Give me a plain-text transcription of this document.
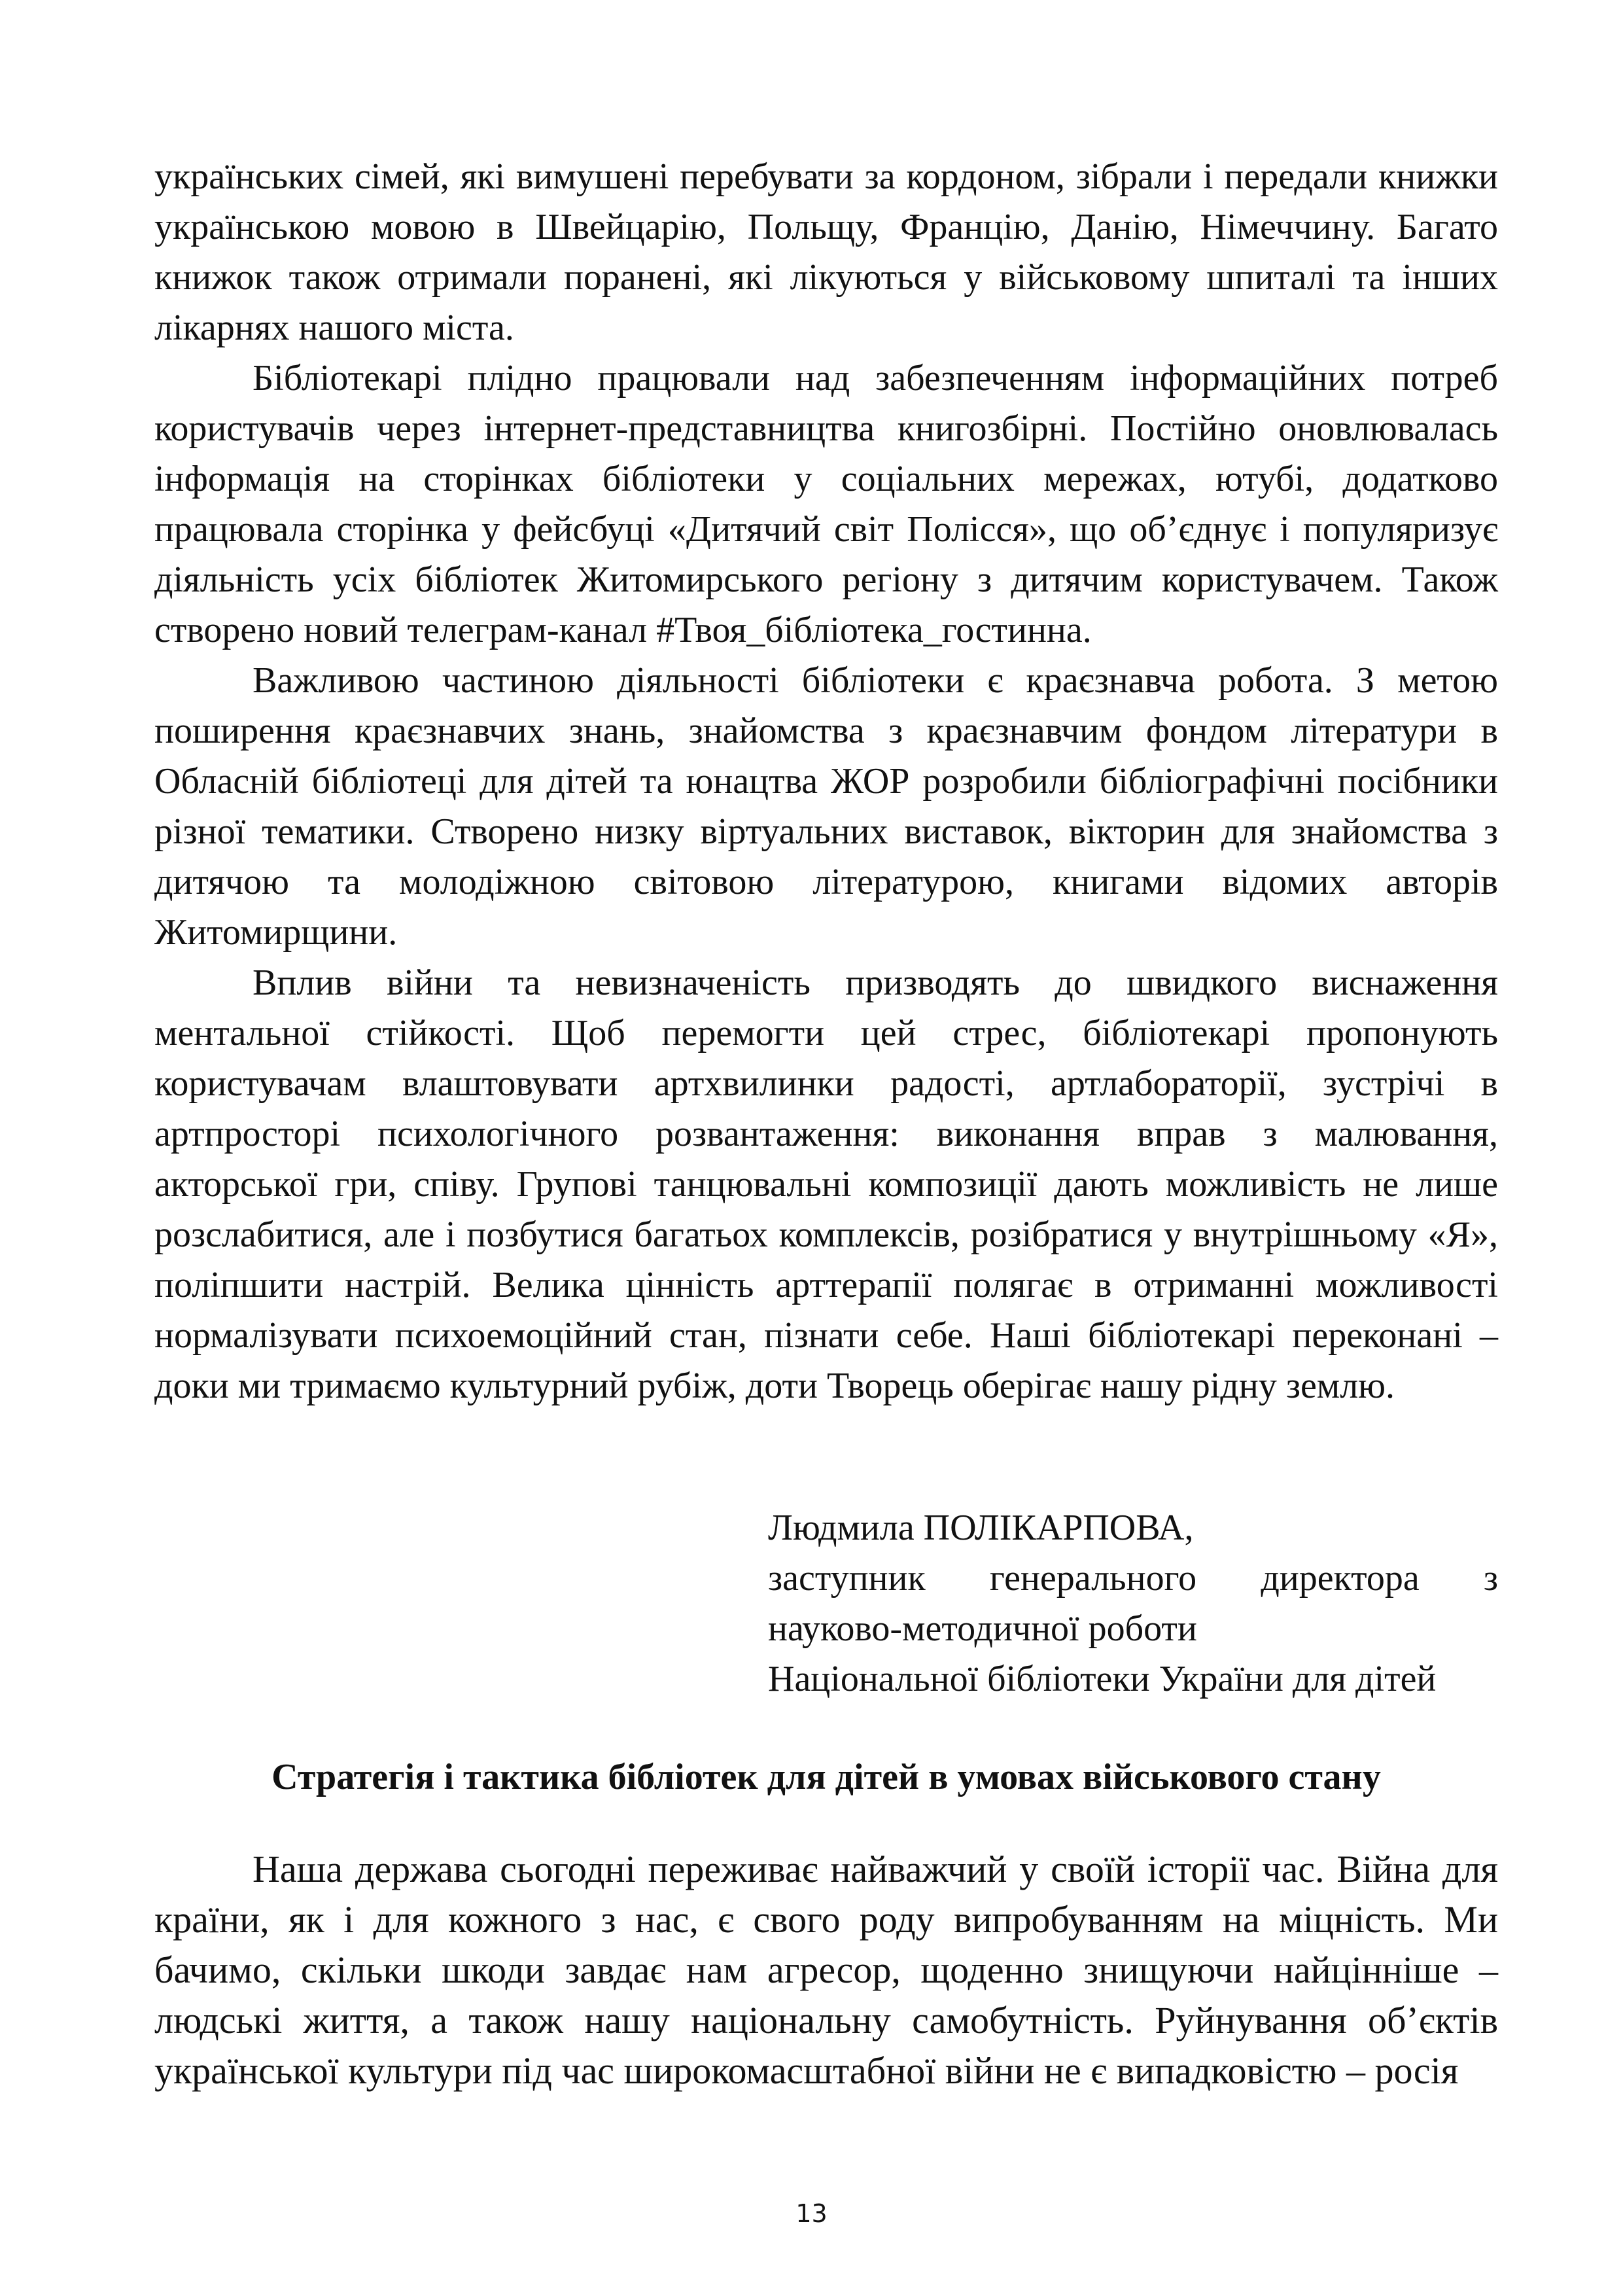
українських сімей, які вимушені перебувати за кордоном, зібрали і передали книжки українською мовою в Швейцарію, Польщу, Францію, Данію, Німеччину. Багато книжок також отримали поранені, які лікуються у військовому шпиталі та інших лікарнях нашого міста.

Бібліотекарі плідно працювали над забезпеченням інформаційних потреб користувачів через інтернет-представництва книгозбірні. Постійно оновлювалась інформація на сторінках бібліотеки у соціальних мережах, ютубі, додатково працювала сторінка у фейсбуці «Дитячий світ Полісся», що об’єднує і популяризує діяльність усіх бібліотек Житомирського регіону з дитячим користувачем. Також створено новий телеграм-канал #Твоя_бібліотека_гостинна.

Важливою частиною діяльності бібліотеки є краєзнавча робота. З метою поширення краєзнавчих знань, знайомства з краєзнавчим фондом літератури в Обласній бібліотеці для дітей та юнацтва ЖОР розробили бібліографічні посібники різної тематики. Створено низку віртуальних виставок, вікторин для знайомства з дитячою та молодіжною світовою літературою, книгами відомих авторів Житомирщини.

Вплив війни та невизначеність призводять до швидкого виснаження ментальної стійкості. Щоб перемогти цей стрес, бібліотекарі пропонують користувачам влаштовувати артхвилинки радості, артлабораторії, зустрічі в артпросторі психологічного розвантаження: виконання вправ з малювання, акторської гри, співу. Групові танцювальні композиції дають можливість не лише розслабитися, але і позбутися багатьох комплексів, розібратися у внутрішньому «Я», поліпшити настрій. Велика цінність арттерапії полягає в отриманні можливості нормалізувати психоемоційний стан, пізнати себе. Наші бібліотекарі переконані – доки ми тримаємо культурний рубіж, доти Творець оберігає нашу рідну землю.

Людмила ПОЛІКАРПОВА,
заступник генерального директора з
науково-методичної роботи
Національної бібліотеки України для дітей
Стратегія і тактика бібліотек для дітей в умовах військового стану

Наша держава сьогодні переживає найважчий у своїй історії час. Війна для країни, як і для кожного з нас, є свого роду випробуванням на міцність. Ми бачимо, скільки шкоди завдає нам агресор, щоденно знищуючи найцінніше – людські життя, а також нашу національну самобутність. Руйнування об’єктів української культури під час широкомасштабної війни не є випадковістю – росія

13
